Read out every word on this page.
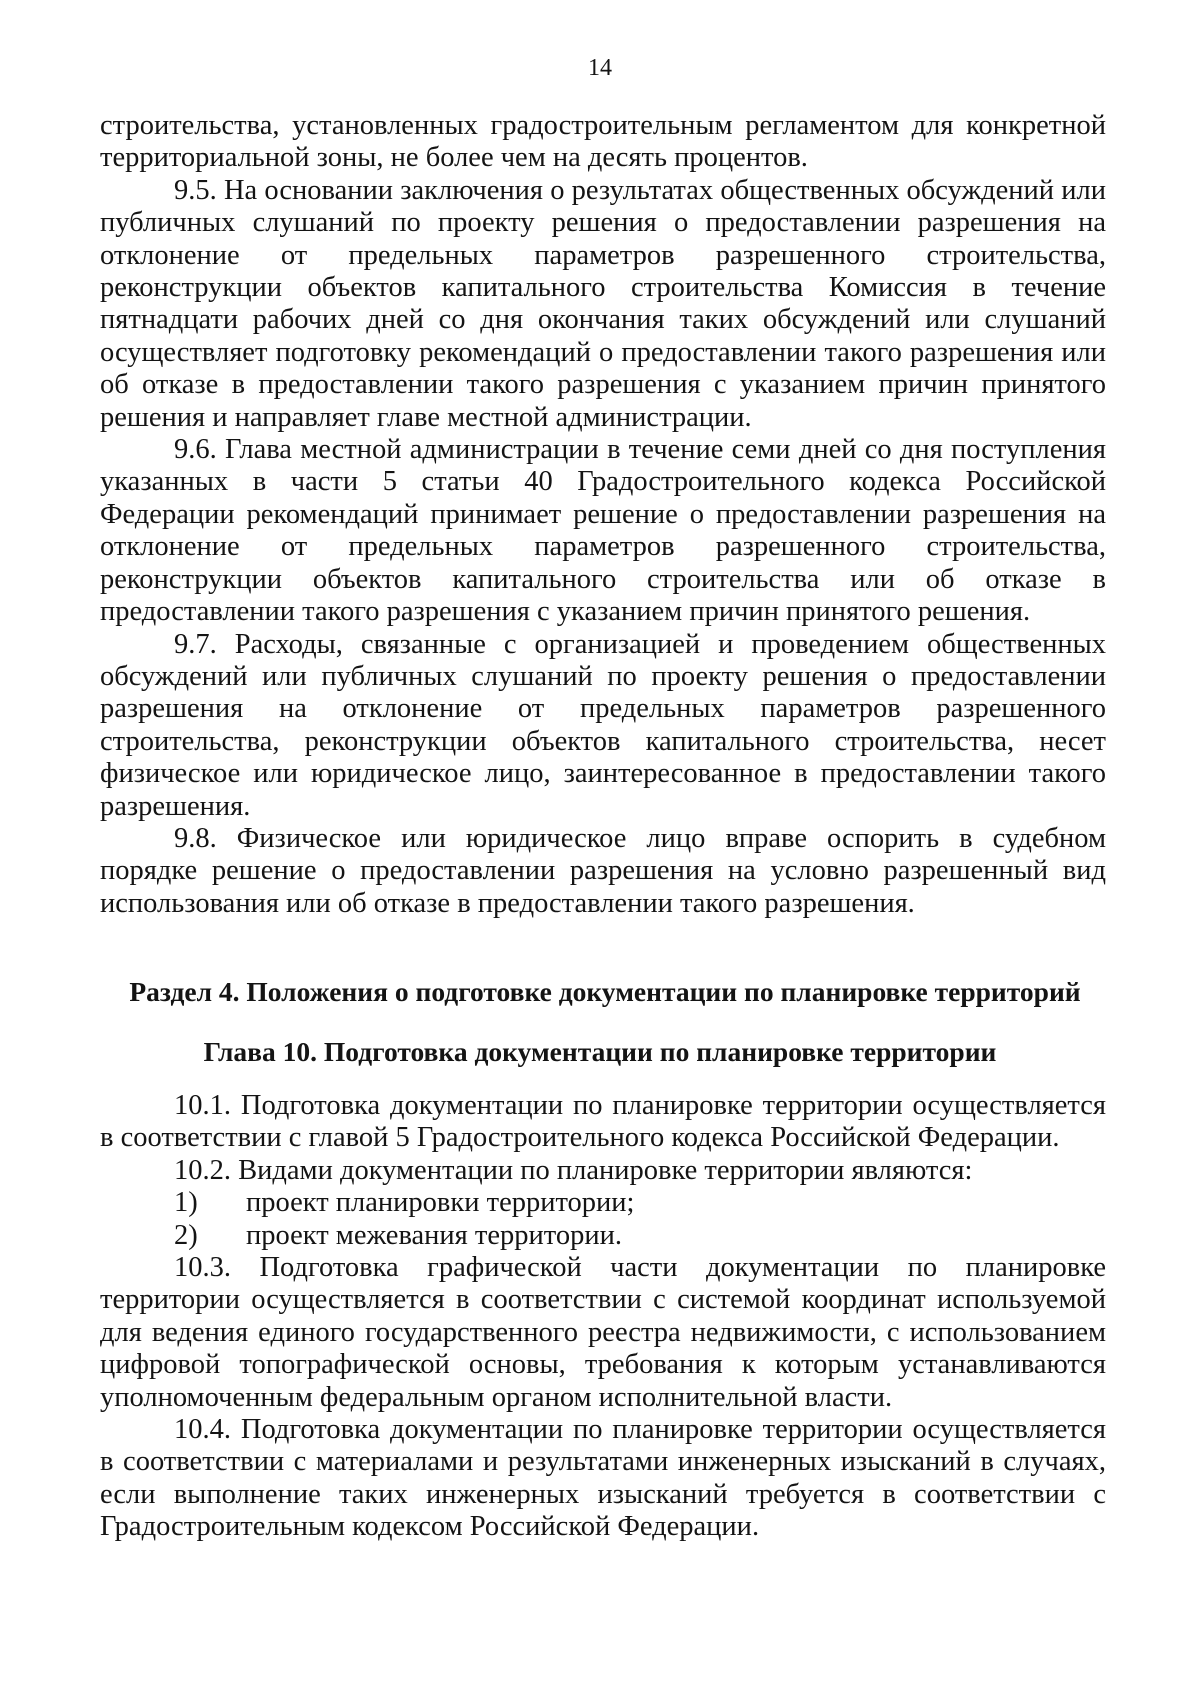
14

строительства, установленных градостроительным регламентом для конкретной территориальной зоны, не более чем на десять процентов.

9.5. На основании заключения о результатах общественных обсуждений или публичных слушаний по проекту решения о предоставлении разрешения на отклонение от предельных параметров разрешенного строительства, реконструкции объектов капитального строительства Комиссия в течение пятнадцати рабочих дней со дня окончания таких обсуждений или слушаний осуществляет подготовку рекомендаций о предоставлении такого разрешения или об отказе в предоставлении такого разрешения с указанием причин принятого решения и направляет главе местной администрации.

9.6. Глава местной администрации в течение семи дней со дня поступления указанных в части 5 статьи 40 Градостроительного кодекса Российской Федерации рекомендаций принимает решение о предоставлении разрешения на отклонение от предельных параметров разрешенного строительства, реконструкции объектов капитального строительства или об отказе в предоставлении такого разрешения с указанием причин принятого решения.

9.7. Расходы, связанные с организацией и проведением общественных обсуждений или публичных слушаний по проекту решения о предоставлении разрешения на отклонение от предельных параметров разрешенного строительства, реконструкции объектов капитального строительства, несет физическое или юридическое лицо, заинтересованное в предоставлении такого разрешения.

9.8. Физическое или юридическое лицо вправе оспорить в судебном порядке решение о предоставлении разрешения на условно разрешенный вид использования или об отказе в предоставлении такого разрешения.

Раздел 4. Положения о подготовке документации по планировке территорий
Глава 10. Подготовка документации по планировке территории

10.1. Подготовка документации по планировке территории осуществляется в соответствии с главой 5 Градостроительного кодекса Российской Федерации.

10.2. Видами документации по планировке территории являются:

1)	проект планировки территории;
2)	проект межевания территории.

10.3. Подготовка графической части документации по планировке территории осуществляется в соответствии с системой координат используемой для ведения единого государственного реестра недвижимости, с использованием цифровой топографической основы, требования к которым устанавливаются уполномоченным федеральным органом исполнительной власти.

10.4. Подготовка документации по планировке территории осуществляется в соответствии с материалами и результатами инженерных изысканий в случаях, если выполнение таких инженерных изысканий требуется в соответствии с Градостроительным кодексом Российской Федерации.
